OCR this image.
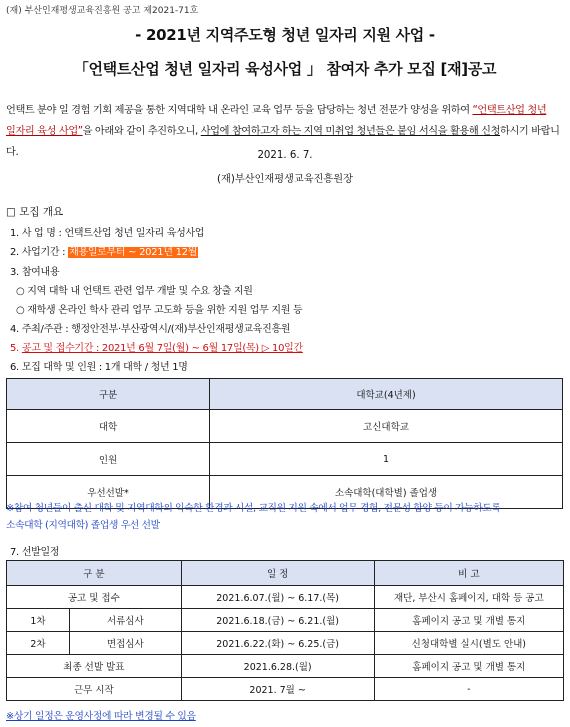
(재) 부산인재평생교육진흥원 공고 제2021-71호
- 2021년 지역주도형 청년 일자리 지원 사업 -
「언택트산업 청년 일자리 육성사업 」 참여자 추가 모집 [재]공고
언택트 분야 일 경험 기회 제공을 통한 지역대학 내 온라인 교육 업무 등을 담당하는 청년 전문가 양성을 위하여 “언택트산업 청년
일자리 육성 사업”을 아래와 같이 추진하오니, 사업에 참여하고자 하는 지역 미취업 청년들은 붙임 서식을 활용해 신청하시기 바랍니다.	2021. 6. 7.
(재)부산인재평생교육진흥원장
□ 모집 개요
1. 사 업 명 : 언택트산업 청년 일자리 육성사업
2. 사업기간 : 채용일로부터 ~ 2021년 12월
3. 참여내용
○ 지역 대학 내 언택트 관련 업무 개발 및 수요 창출 지원
○ 재학생 온라인 학사 관리 업무 고도화 등을 위한 지원 업무 지원 등
4. 주최/주관 : 행정안전부·부산광역시/(재)부산인재평생교육진흥원
5. 공고 및 접수기간 : 2021년 6월 7일(월) ~ 6월 17일(목) ▷ 10일간
6. 모집 대학 및 인원 : 1개 대학 / 청년 1명
구분	대학교(4년제)
대학	고신대학교
인원	1
우선선발*	소속대학(대학별) 졸업생
※참여 청년들이 출신 대학 및 지역대학의 익숙한 환경과 시설, 교직원 지원 속에서 업무 경험, 전문성 함양 등이 가능하도록
소속대학 (지역대학) 졸업생 우선 선발
7. 선발일정
구 분		일 정	비 고
공고 및 접수		2021.6.07.(월) ~ 6.17.(목)	재단, 부산시 홈페이지, 대학 등 공고
1차	서류심사	2021.6.18.(금) ~ 6.21.(월)	홈페이지 공고 및 개별 통지
2차	면접심사	2021.6.22.(화) ~ 6.25.(금)	신청대학별 실시(별도 안내)
최종 선발 발표		2021.6.28.(월)	홈페이지 공고 및 개별 통지
근무 시작		2021. 7월 ~	-
※상기 일정은 운영사정에 따라 변경될 수 있음
